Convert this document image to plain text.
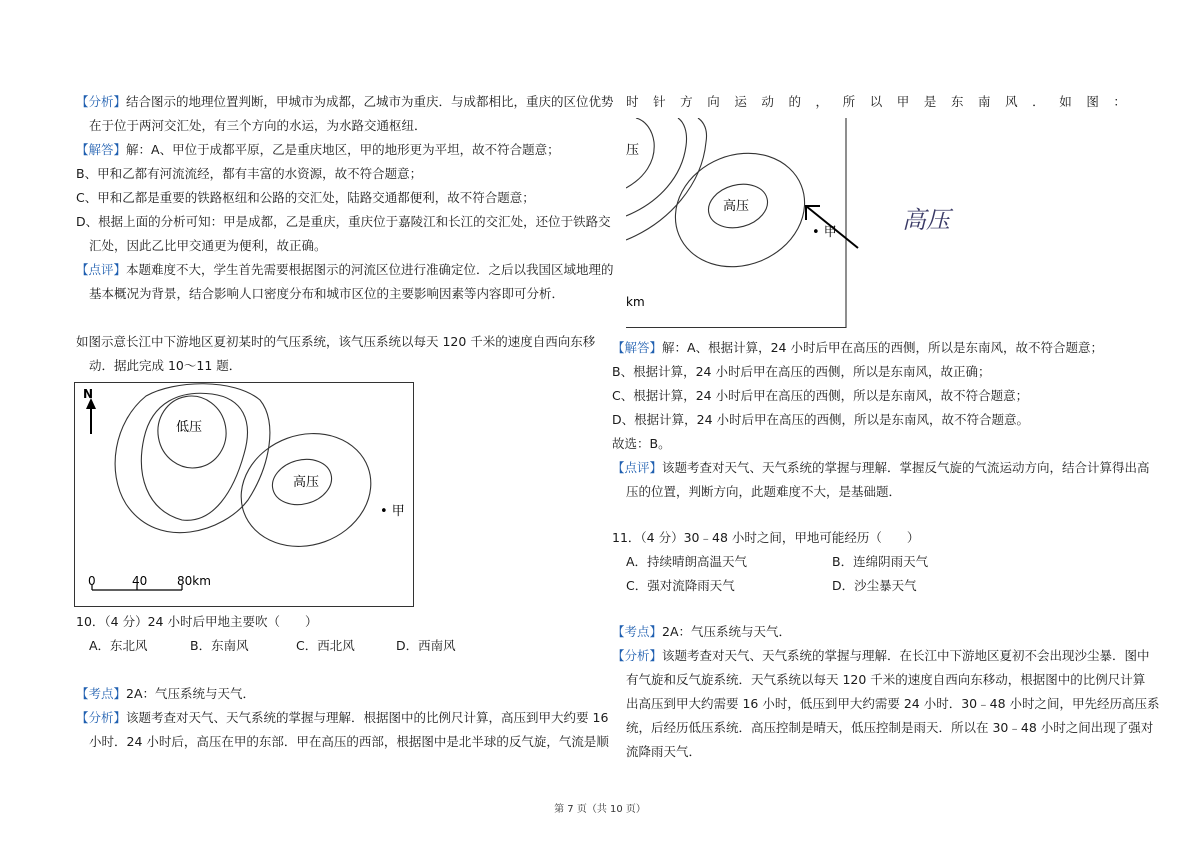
【分析】结合图示的地理位置判断，甲城市为成都，乙城市为重庆．与成都相比，重庆的区位优势
在于位于两河交汇处，有三个方向的水运，为水路交通枢纽．
【解答】解：A、甲位于成都平原，乙是重庆地区，甲的地形更为平坦，故不符合题意；
B、甲和乙都有河流流经，都有丰富的水资源，故不符合题意；
C、甲和乙都是重要的铁路枢纽和公路的交汇处，陆路交通都便利，故不符合题意；
D、根据上面的分析可知：甲是成都，乙是重庆，重庆位于嘉陵江和长江的交汇处，还位于铁路交
汇处，因此乙比甲交通更为便利，故正确。
【点评】本题难度不大，学生首先需要根据图示的河流区位进行准确定位．之后以我国区域地理的
基本概况为背景，结合影响人口密度分布和城市区位的主要影响因素等内容即可分析．
如图示意长江中下游地区夏初某时的气压系统，该气压系统以每天 120 千米的速度自西向东移
动．据此完成 10～11 题．
N
低压
高压
• 甲
0	40 80km
10．（4 分）24 小时后甲地主要吹（　　）
A．东北风	B．东南风	C．西北风	D．西南风
【考点】2A：气压系统与天气．
【分析】该题考查对天气、天气系统的掌握与理解．根据图中的比例尺计算，高压到甲大约要 16
小时．24 小时后，高压在甲的东部．甲在高压的西部，根据图中是北半球的反气旋，气流是顺
时 针 方 向 运 动 的 ， 所 以 甲 是 东 南 风 ． 如 图 ：
压
高压
• 甲
km
高压
【解答】解：A、根据计算，24 小时后甲在高压的西侧，所以是东南风，故不符合题意；
B、根据计算，24 小时后甲在高压的西侧，所以是东南风，故正确；
C、根据计算，24 小时后甲在高压的西侧，所以是东南风，故不符合题意；
D、根据计算，24 小时后甲在高压的西侧，所以是东南风，故不符合题意。
故选：B。
【点评】该题考查对天气、天气系统的掌握与理解．掌握反气旋的气流运动方向，结合计算得出高
压的位置，判断方向，此题难度不大，是基础题．
11．（4 分）30﹣48 小时之间，甲地可能经历（　　）
A．持续晴朗高温天气	B．连绵阴雨天气
C．强对流降雨天气	D．沙尘暴天气
【考点】2A：气压系统与天气．
【分析】该题考查对天气、天气系统的掌握与理解．在长江中下游地区夏初不会出现沙尘暴．图中
有气旋和反气旋系统．天气系统以每天 120 千米的速度自西向东移动，根据图中的比例尺计算
出高压到甲大约需要 16 小时，低压到甲大约需要 24 小时．30﹣48 小时之间，甲先经历高压系
统，后经历低压系统．高压控制是晴天，低压控制是雨天．所以在 30﹣48 小时之间出现了强对
流降雨天气．
第 7 页（共 10 页）
